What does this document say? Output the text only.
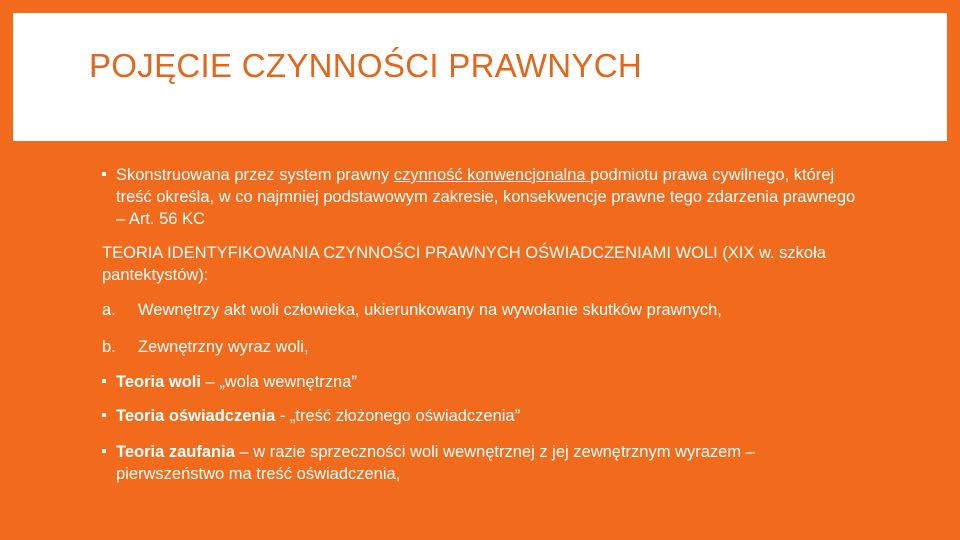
POJĘCIE CZYNNOŚCI PRAWNYCH
Skonstruowana przez system prawny czynność konwencjonalna podmiotu prawa cywilnego, której treść określa, w co najmniej podstawowym zakresie, konsekwencje prawne tego zdarzenia prawnego – Art. 56 KC
TEORIA IDENTYFIKOWANIA CZYNNOŚCI PRAWNYCH OŚWIADCZENIAMI WOLI (XIX w. szkoła pantektystów):
a. Wewnętrzy akt woli człowieka, ukierunkowany na wywołanie skutków prawnych,
b. Zewnętrzny wyraz woli,
Teoria woli – „wola wewnętrzna”
Teoria oświadczenia - „treść złożonego oświadczenia”
Teoria zaufania – w razie sprzeczności woli wewnętrznej z jej zewnętrznym wyrazem – pierwszeństwo ma treść oświadczenia,
